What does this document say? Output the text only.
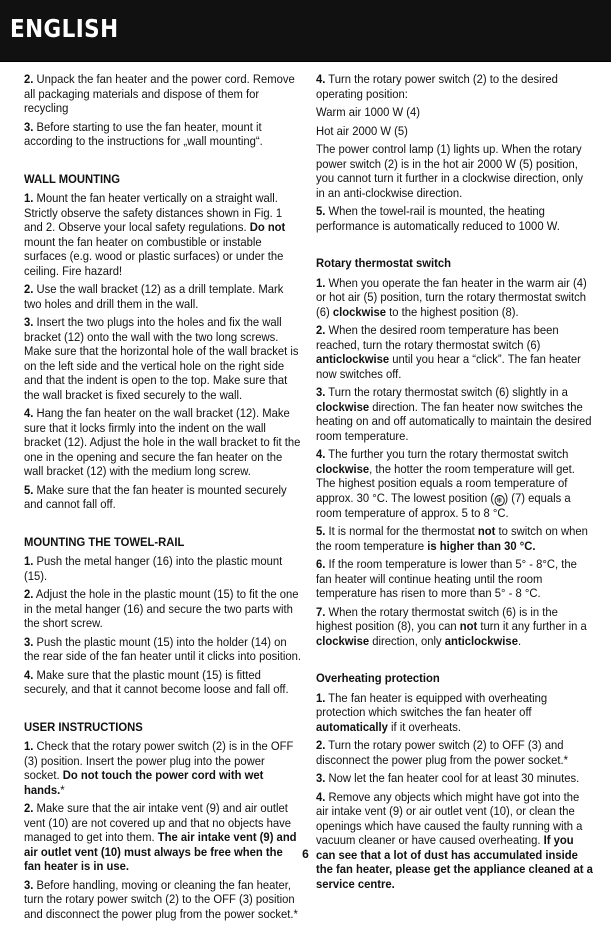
ENGLISH

2. Unpack the fan heater and the power cord. Remove all packaging materials and dispose of them for recycling

3. Before starting to use the fan heater, mount it according to the instructions for „wall mounting“.

WALL MOUNTING

1. Mount the fan heater vertically on a straight wall. Strictly observe the safety distances shown in Fig. 1 and 2. Observe your local safety regulations. Do not mount the fan heater on combustible or instable surfaces (e.g. wood or plastic surfaces) or under the ceiling. Fire hazard!

2. Use the wall bracket (12) as a drill template. Mark two holes and drill them in the wall.

3. Insert the two plugs into the holes and fix the wall bracket (12) onto the wall with the two long screws. Make sure that the horizontal hole of the wall bracket is on the left side and the vertical hole on the right side and that the indent is open to the top. Make sure that the wall bracket is fixed securely to the wall.

4. Hang the fan heater on the wall bracket (12). Make sure that it locks firmly into the indent on the wall bracket (12). Adjust the hole in the wall bracket to fit the one in the opening and secure the fan heater on the wall bracket (12) with the medium long screw.

5. Make sure that the fan heater is mounted securely and cannot fall off.

MOUNTING THE TOWEL-RAIL

1. Push the metal hanger (16) into the plastic mount (15).

2. Adjust the hole in the plastic mount (15) to fit the one in the metal hanger (16) and secure the two parts with the short screw.

3. Push the plastic mount (15) into the holder (14) on the rear side of the fan heater until it clicks into position.

4. Make sure that the plastic mount (15) is fitted securely, and that it cannot become loose and fall off.

USER INSTRUCTIONS

1. Check that the rotary power switch (2) is in the OFF (3) position. Insert the power plug into the power socket. Do not touch the power cord with wet hands.*

2. Make sure that the air intake vent (9) and air outlet vent (10) are not covered up and that no objects have managed to get into them. The air intake vent (9) and air outlet vent (10) must always be free when the fan heater is in use.

3. Before handling, moving or cleaning the fan heater, turn the rotary power switch (2) to the OFF (3) position and disconnect the power plug from the power socket.*

4. Turn the rotary power switch (2) to the desired operating position:

Warm air 1000 W (4)

Hot air 2000 W (5)

The power control lamp (1) lights up. When the rotary power switch (2) is in the hot air 2000 W (5) position, you cannot turn it further in a clockwise direction, only in an anti-clockwise direction.

5. When the towel-rail is mounted, the heating performance is automatically reduced to 1000 W.

Rotary thermostat switch

1. When you operate the fan heater in the warm air (4) or hot air (5) position, turn the rotary thermostat switch (6) clockwise to the highest position (8).

2. When the desired room temperature has been reached, turn the rotary thermostat switch (6) anticlockwise until you hear a “click”. The fan heater now switches off.

3. Turn the rotary thermostat switch (6) slightly in a clockwise direction. The fan heater now switches the heating on and off automatically to maintain the desired room temperature.

4. The further you turn the rotary thermostat switch clockwise, the hotter the room temperature will get. The highest position equals a room temperature of approx. 30 °C. The lowest position ( ❄ ) (7) equals a room temperature of approx. 5 to 8 °C.

5. It is normal for the thermostat not to switch on when the room temperature is higher than 30 °C.

6. If the room temperature is lower than 5° - 8°C, the fan heater will continue heating until the room temperature has risen to more than 5° - 8 °C.

7. When the rotary thermostat switch (6) is in the highest position (8), you can not turn it any further in a clockwise direction, only anticlockwise.

Overheating protection

1. The fan heater is equipped with overheating protection which switches the fan heater off automatically if it overheats.

2. Turn the rotary power switch (2) to OFF (3) and disconnect the power plug from the power socket.*

3. Now let the fan heater cool for at least 30 minutes.

4. Remove any objects which might have got into the air intake vent (9) or air outlet vent (10), or clean the openings which have caused the faulty running with a vacuum cleaner or have caused overheating. If you can see that a lot of dust has accumulated inside the fan heater, please get the appliance cleaned at a service centre.

6
